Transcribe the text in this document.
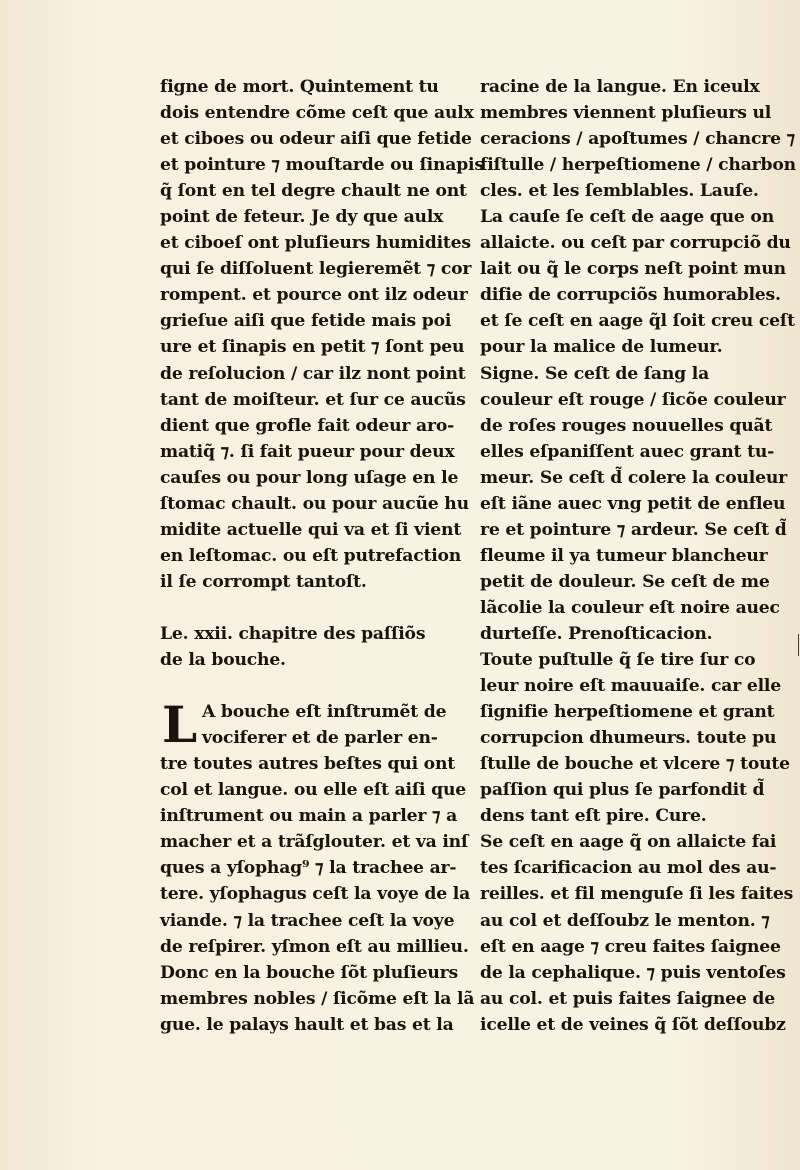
figne de mort. Quintement tu
dois entendre cõme ceſt que aulx
et ciboes ou odeur aiſi que fetide
et pointure ⁊ mouſtarde ou ſinapis
q̃ ſont en tel degre chault ne ont
point de feteur. Je dy que aulx
et ciboeſ ont pluſieurs humidites
qui ſe diſſoluent legieremẽt ⁊ cor
rompent. et pource ont ilz odeur
grieſue aiſi que fetide mais poi
ure et ſinapis en petit ⁊ ſont peu
de reſolucion / car ilz nont point
tant de moiſteur. et ſur ce aucũs
dient que grofle fait odeur aro-
matiq̃ ⁊. ſi fait pueur pour deux
cauſes ou pour long uſage en le
ſtomac chault. ou pour aucũe hu
midite actuelle qui va et ſi vient
en leſtomac. ou eſt putrefaction
il ſe corrompt tantoſt.
Le. xxii. chapitre des paſſiõs
de la bouche.
L A bouche eſt inſtrumẽt de
vociferer et de parler en-
tre toutes autres beſtes qui ont
col et langue. ou elle eſt aiſi que
inſtrument ou main a parler ⁊ a
macher et a trãſglouter. et va inſ
ques a yſophag⁹ ⁊ la trachee ar-
tere. yſophagus ceſt la voye de la
viande. ⁊ la trachee ceſt la voye
de reſpirer. yſmon eſt au millieu.
Donc en la bouche ſõt pluſieurs
membres nobles / ſicõme eſt la lã
gue. le palays hault et bas et la
racine de la langue. En iceulx
membres viennent pluſieurs ul
ceracions / apoſtumes / chancre ⁊
fiſtulle / herpeſtiomene / charbon
cles. et les ſemblables. Lauſe.
La cauſe ſe ceſt de aage que on
allaicte. ou ceſt par corrupciõ du
lait ou q̃ le corps neſt point mun
difie de corrupciõs humorables.
et ſe ceſt en aage q̃l ſoit creu ceſt
pour la malice de lumeur.
Signe. Se ceſt de ſang la
couleur eſt rouge / ſicõe couleur
de roſes rouges nouuelles quãt
elles eſpaniſſent auec grant tu-
meur. Se ceſt d̃ colere la couleur
eſt iãne auec vng petit de enfleu
re et pointure ⁊ ardeur. Se ceſt d̃
fleume il ya tumeur blancheur
petit de douleur. Se ceſt de me
lãcolie la couleur eſt noire auec
durteſſe. Prenoſticacion.
Toute puſtulle q̃ ſe tire ſur co
leur noire eſt mauuaiſe. car elle
ſignifie herpeſtiomene et grant
corrupcion dhumeurs. toute pu
ſtulle de bouche et vlcere ⁊ toute
paſſion qui plus ſe parfondit d̃
dens tant eſt pire. Cure.
Se ceſt en aage q̃ on allaicte fai
tes ſcarificacion au mol des au-
reilles. et fil menguſe ſi les faites
au col et deſſoubz le menton. ⁊
eſt en aage ⁊ creu faites ſaignee
de la cephalique. ⁊ puis ventoſes
au col. et puis faites ſaignee de
icelle et de veines q̃ ſõt deſſoubz
